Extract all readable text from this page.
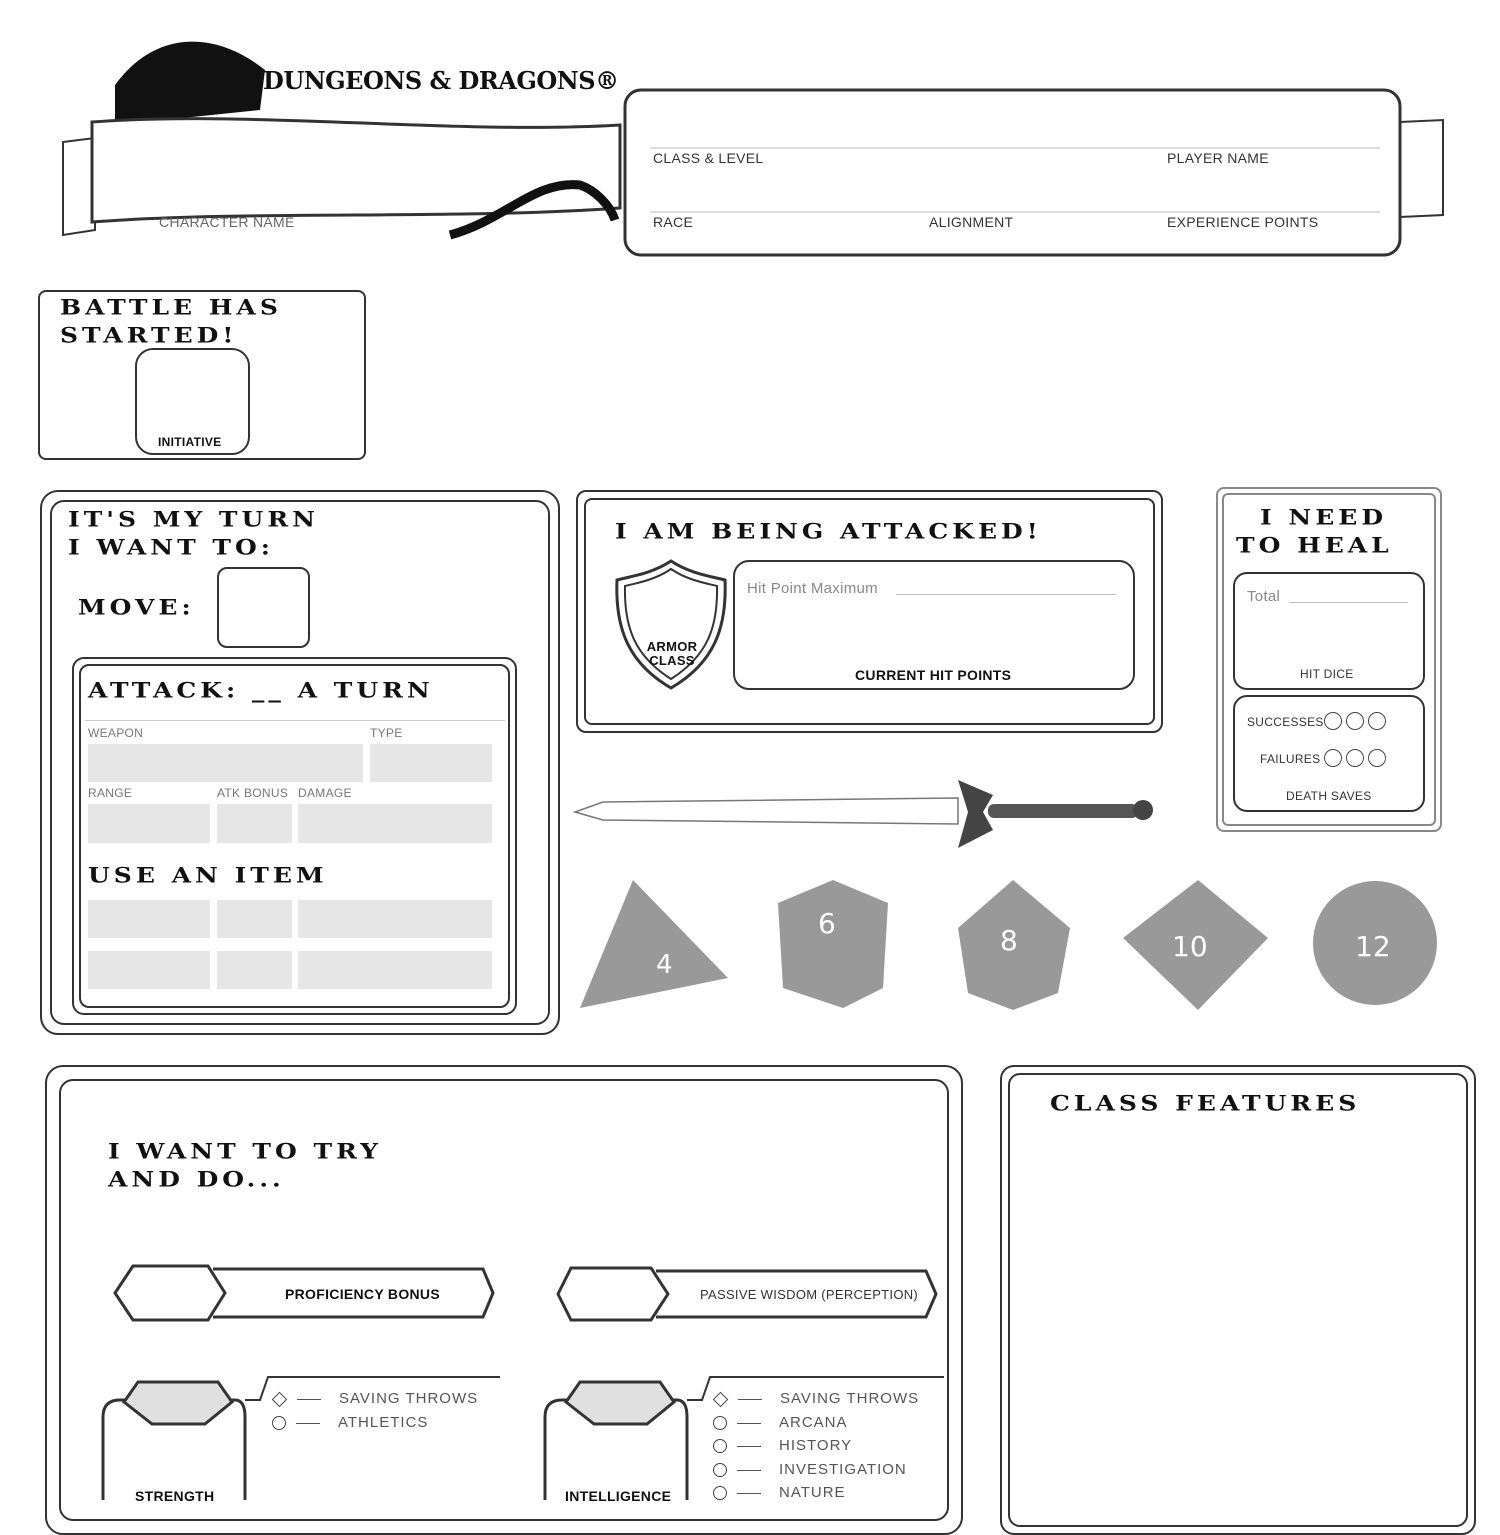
DUNGEONS & DRAGONS®
CHARACTER NAME
CLASS & LEVEL	PLAYER NAME
RACE	ALIGNMENT	EXPERIENCE POINTS
BATTLE HAS
STARTED!
INITIATIVE
IT'S MY TURN
I WANT TO:
MOVE:
ATTACK: __ A TURN
WEAPON	TYPE
RANGE	ATK BONUS DAMAGE
USE AN ITEM
I AM BEING ATTACKED!
ARMOR CLASS
Hit Point Maximum
CURRENT HIT POINTS
I NEED
TO HEAL
Total
HIT DICE
SUCCESSES
FAILURES
DEATH SAVES
4
6
8	10	12
I WANT TO TRY
AND DO...
PROFICIENCY BONUS	PASSIVE WISDOM (PERCEPTION)
STRENGTH
SAVING THROWS
ATHLETICS
INTELLIGENCE
SAVING THROWS
ARCANA
HISTORY
INVESTIGATION
NATURE
CLASS FEATURES
